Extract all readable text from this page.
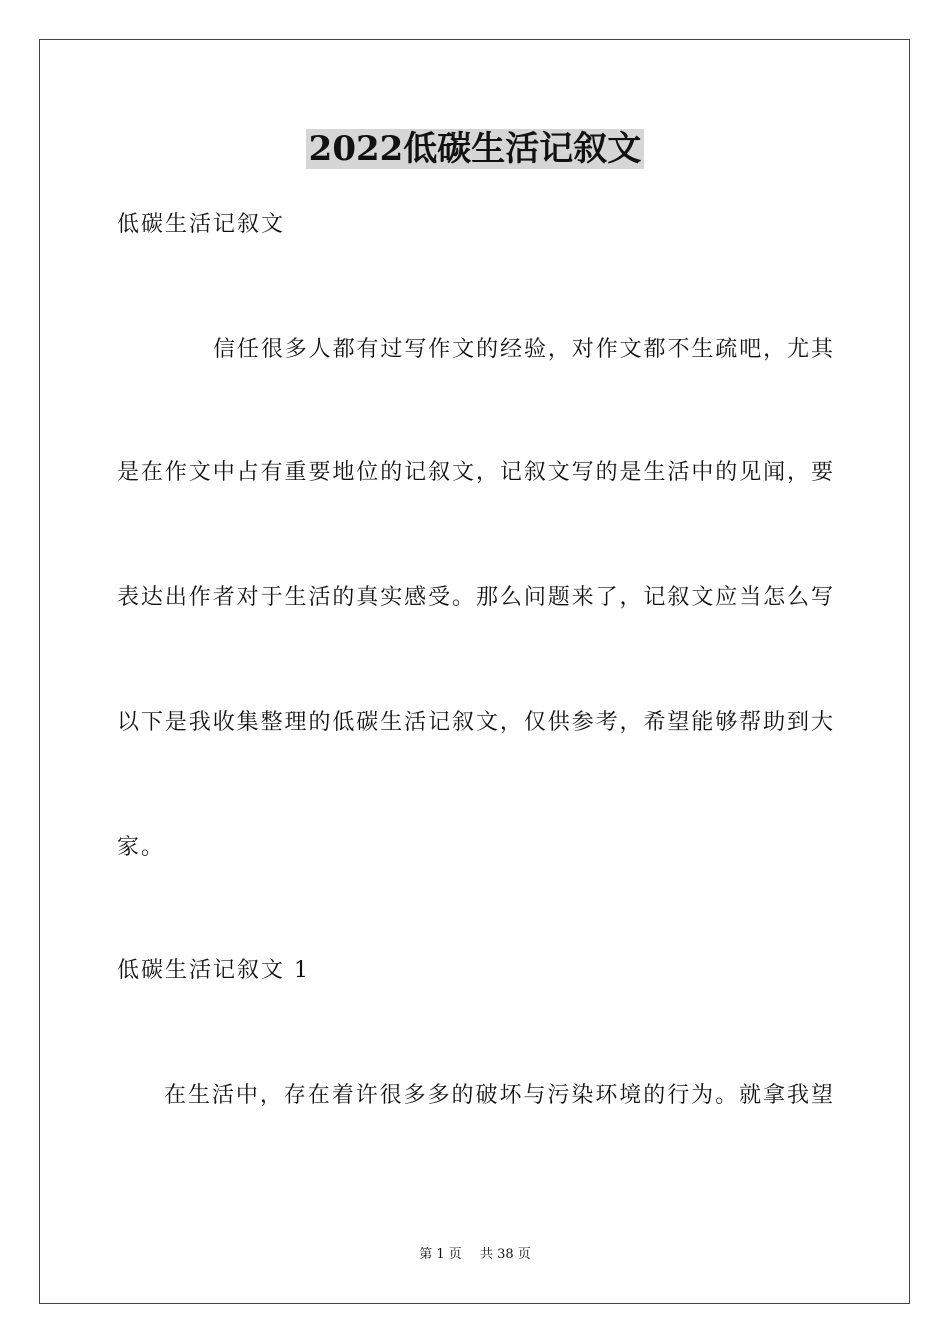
2022低碳生活记叙文
低碳生活记叙文
信任很多人都有过写作文的经验，对作文都不生疏吧，尤其
是在作文中占有重要地位的记叙文，记叙文写的是生活中的见闻，要
表达出作者对于生活的真实感受。那么问题来了，记叙文应当怎么写
以下是我收集整理的低碳生活记叙文，仅供参考，希望能够帮助到大
家。
低碳生活记叙文 1
在生活中，存在着许很多多的破坏与污染环境的行为。就拿我望
第 1 页 共 38 页
